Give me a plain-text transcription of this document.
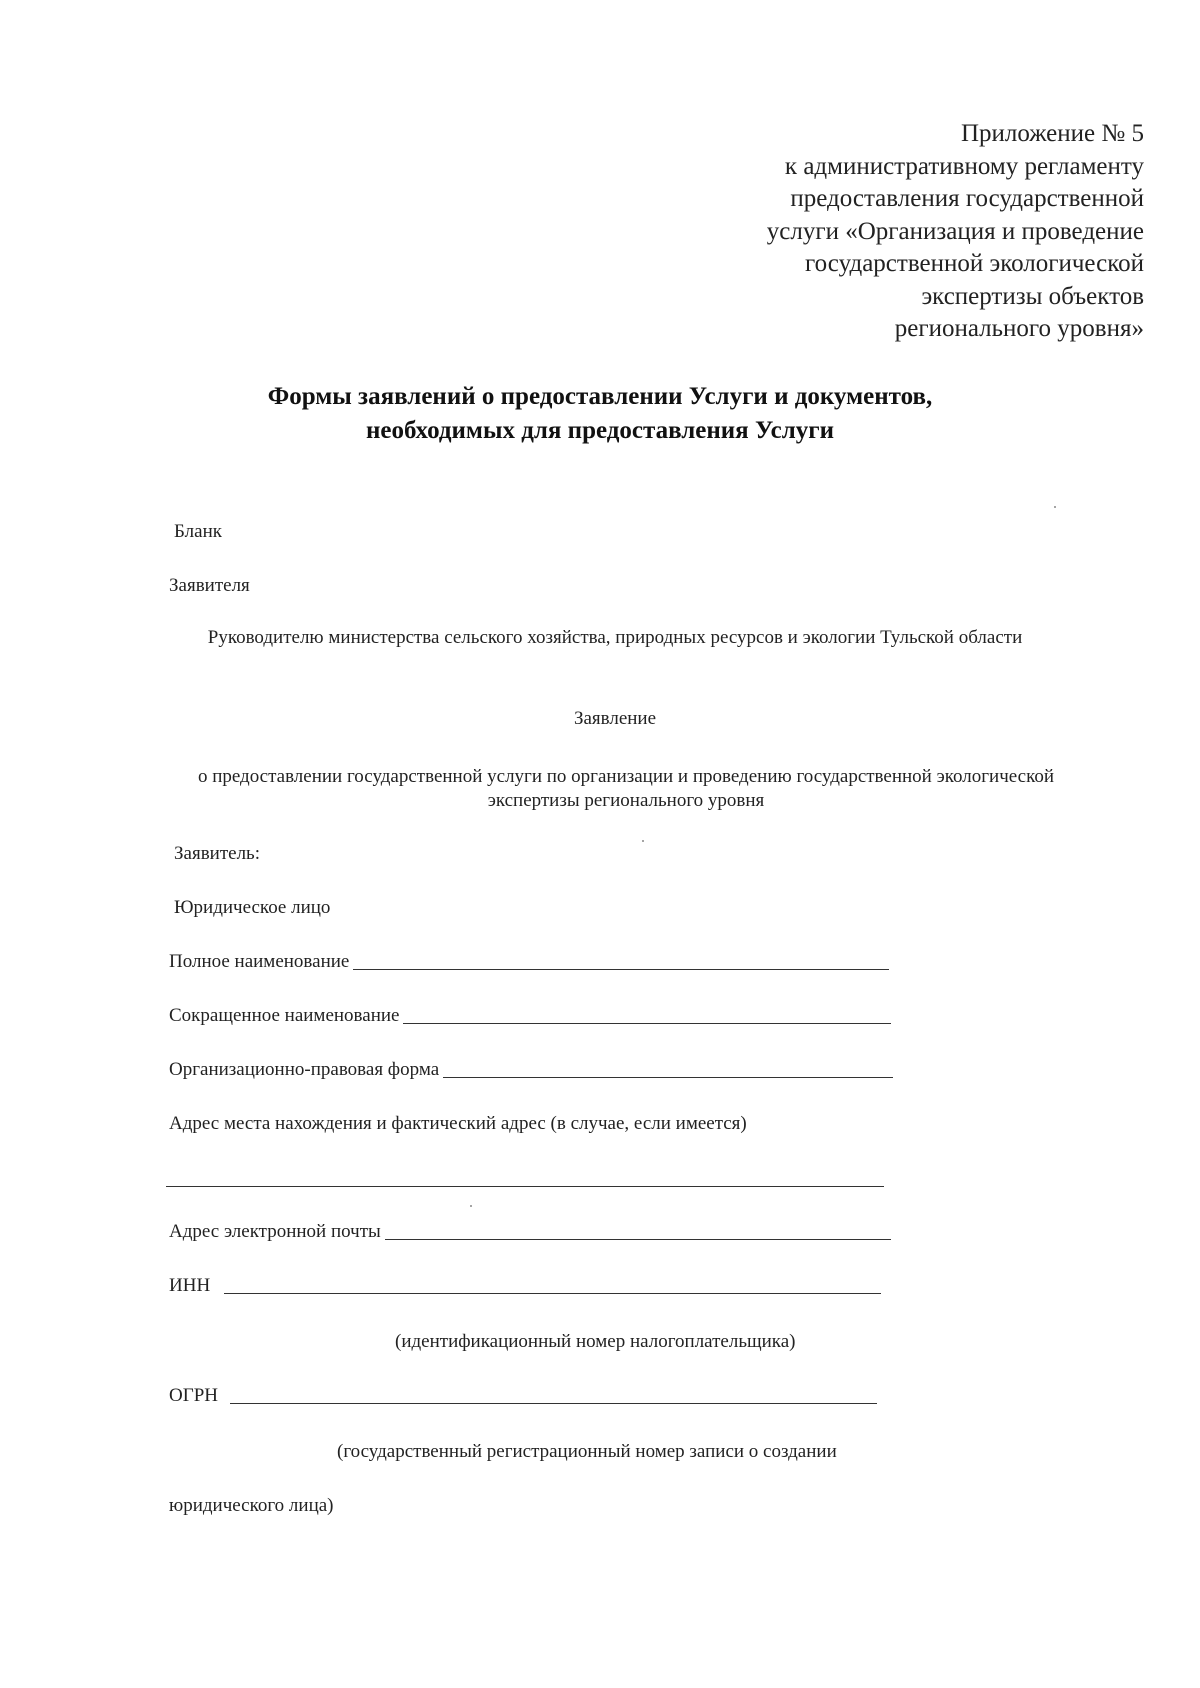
Приложение № 5
к административному регламенту
предоставления государственной
услуги «Организация и проведение
государственной экологической
экспертизы объектов
регионального уровня»
Формы заявлений о предоставлении Услуги и документов,
необходимых для предоставления Услуги
Бланк
Заявителя
Руководителю министерства сельского хозяйства, природных ресурсов и экологии Тульской области
Заявление
о предоставлении государственной услуги по организации и проведению государственной экологической экспертизы регионального уровня
Заявитель:
Юридическое лицо
Полное наименование
Сокращенное наименование
Организационно-правовая форма
Адрес места нахождения и фактический адрес (в случае, если имеется)
Адрес электронной почты
ИНН
(идентификационный номер налогоплательщика)
ОГРН
(государственный регистрационный номер записи о создании
юридического лица)
